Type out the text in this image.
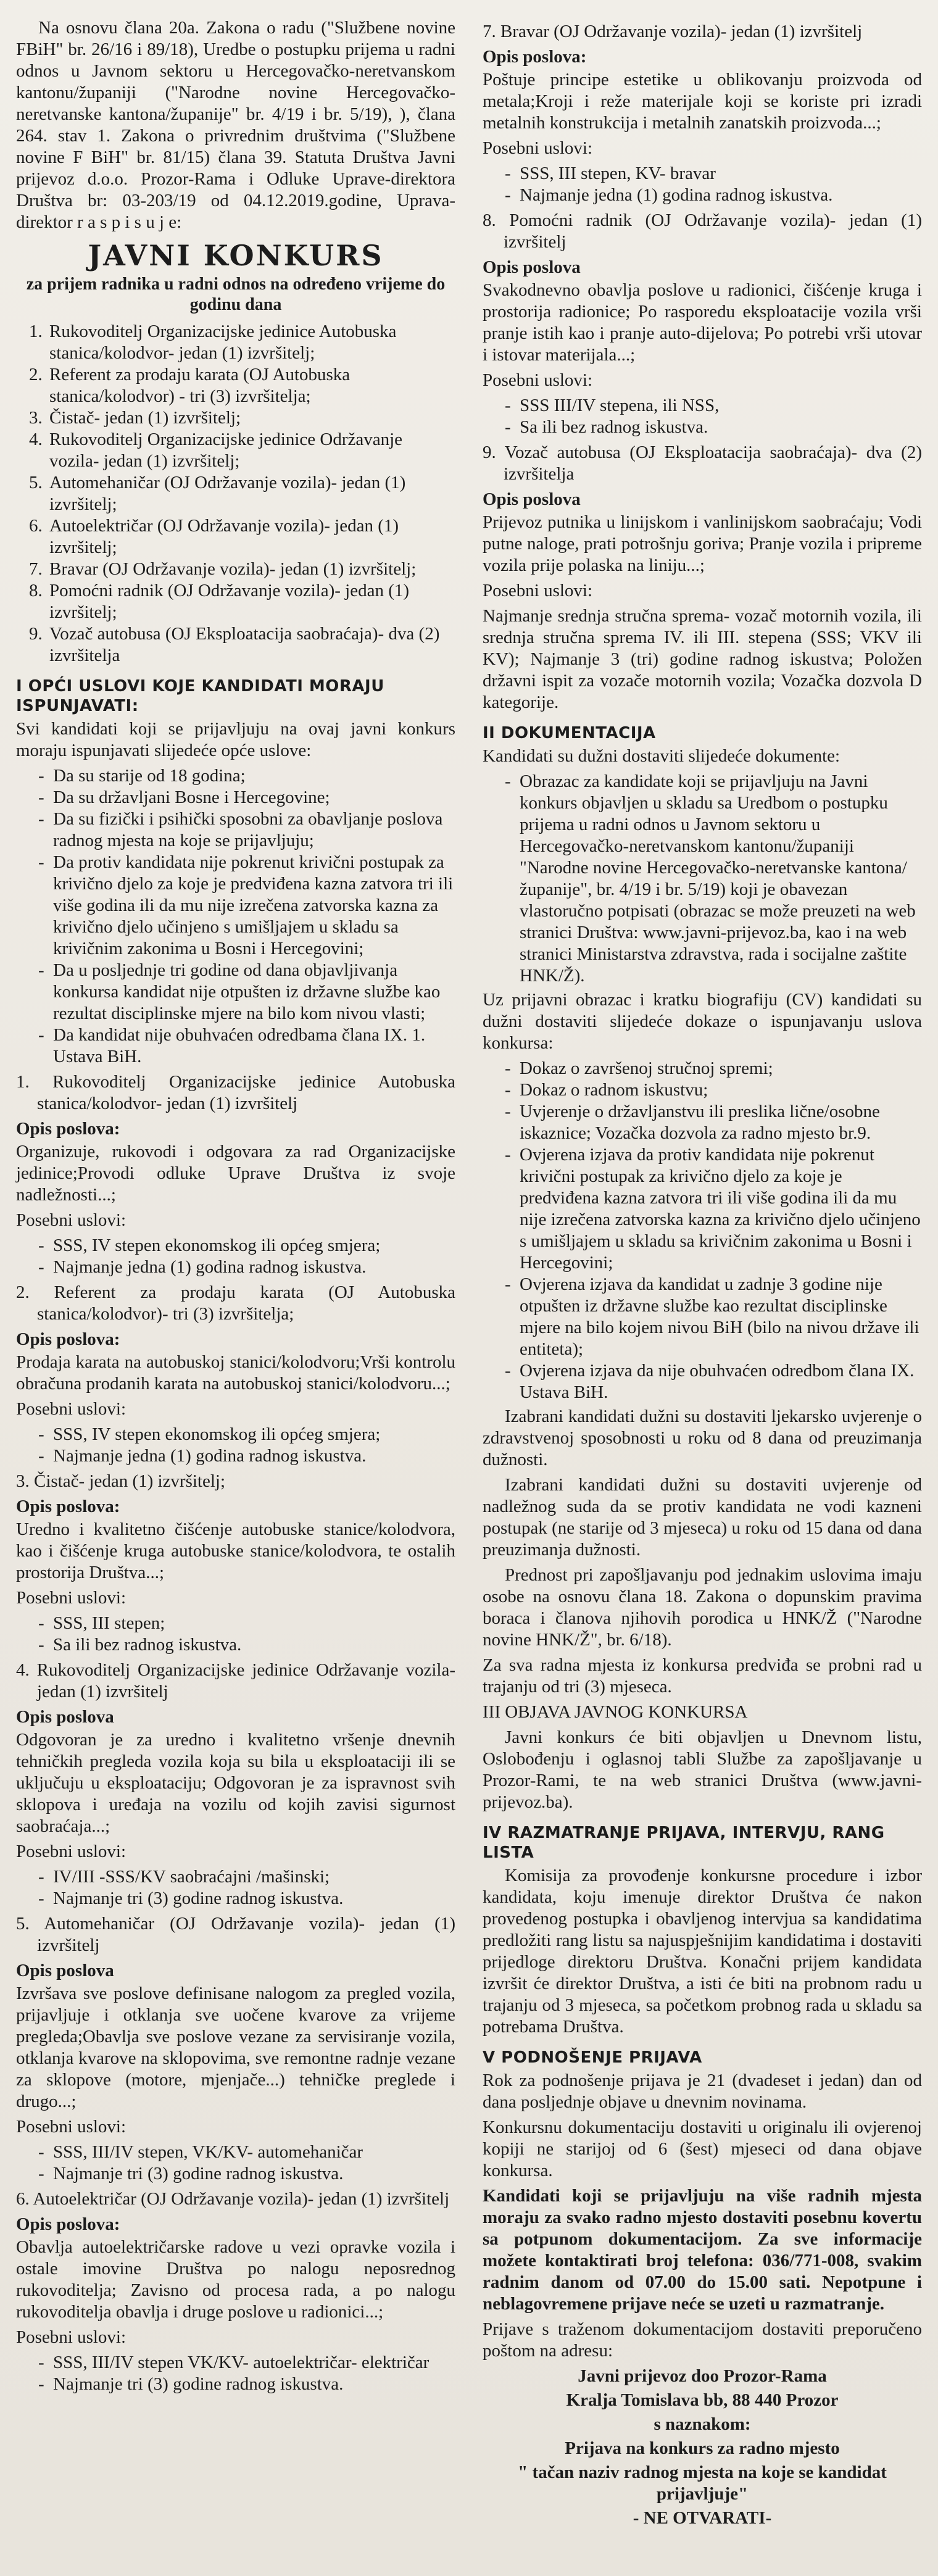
Na osnovu člana 20a. Zakona o radu ("Službene novine FBiH" br. 26/16 i 89/18), Uredbe o postupku prijema u radni odnos u Javnom sektoru u Hercegovačko-neretvanskom kantonu/županiji ("Narodne novine Hercegovačko-neretvanske kantona/županije" br. 4/19 i br. 5/19), ), člana 264. stav 1. Zakona o privrednim društvima ("Službene novine F BiH" br. 81/15) člana 39. Statuta Društva Javni prijevoz d.o.o. Prozor-Rama i Odluke Uprave-direktora Društva br: 03-203/19 od 04.12.2019.godine, Uprava-direktor r a s p i s u j e:

JAVNI KONKURS
za prijem radnika u radni odnos na određeno vrijeme do godinu dana
1. Rukovoditelj Organizacijske jedinice Autobuska stanica/kolodvor- jedan (1) izvršitelj;
2. Referent za prodaju karata (OJ Autobuska stanica/kolodvor) - tri (3) izvršitelja;
3. Čistač- jedan (1) izvršitelj;
4. Rukovoditelj Organizacijske jedinice Održavanje vozila- jedan (1) izvršitelj;
5. Automehaničar (OJ Održavanje vozila)- jedan (1) izvršitelj;
6. Autoelektričar (OJ Održavanje vozila)- jedan (1) izvršitelj;
7. Bravar (OJ Održavanje vozila)- jedan (1) izvršitelj;
8. Pomoćni radnik (OJ Održavanje vozila)- jedan (1) izvršitelj;
9. Vozač autobusa (OJ Eksploatacija saobraćaja)- dva (2) izvršitelja
I OPĆI USLOVI KOJE KANDIDATI MORAJU ISPUNJAVATI:

Svi kandidati koji se prijavljuju na ovaj javni konkurs moraju ispunjavati slijedeće opće uslove:

- Da su starije od 18 godina;
- Da su državljani Bosne i Hercegovine;
- Da su fizički i psihički sposobni za obavljanje poslova radnog mjesta na koje se prijavljuju;
- Da protiv kandidata nije pokrenut krivični postupak za krivično djelo za koje je predviđena kazna zatvora tri ili više godina ili da mu nije izrečena zatvorska kazna za krivično djelo učinjeno s umišljajem u skladu sa krivičnim zakonima u Bosni i Hercegovini;
- Da u posljednje tri godine od dana objavljivanja konkursa kandidat nije otpušten iz državne službe kao rezultat disciplinske mjere na bilo kom nivou vlasti;
- Da kandidat nije obuhvaćen odredbama člana IX. 1. Ustava BiH.

1. Rukovoditelj Organizacijske jedinice Autobuska stanica/kolodvor- jedan (1) izvršitelj

Opis poslova:

Organizuje, rukovodi i odgovara za rad Organizacijske jedinice;Provodi odluke Uprave Društva iz svoje nadležnosti...;

Posebni uslovi:

- SSS, IV stepen ekonomskog ili općeg smjera;
- Najmanje jedna (1) godina radnog iskustva.

2. Referent za prodaju karata (OJ Autobuska stanica/kolodvor)- tri (3) izvršitelja;

Opis poslova:

Prodaja karata na autobuskoj stanici/kolodvoru;Vrši kontrolu obračuna prodanih karata na autobuskoj stanici/kolodvoru...;

Posebni uslovi:

- SSS, IV stepen ekonomskog ili općeg smjera;
- Najmanje jedna (1) godina radnog iskustva.

3. Čistač- jedan (1) izvršitelj;

Opis poslova:

Uredno i kvalitetno čišćenje autobuske stanice/kolodvora, kao i čišćenje kruga autobuske stanice/kolodvora, te ostalih prostorija Društva...;

Posebni uslovi:

- SSS, III stepen;
- Sa ili bez radnog iskustva.

4. Rukovoditelj Organizacijske jedinice Održavanje vozila- jedan (1) izvršitelj

Opis poslova

Odgovoran je za uredno i kvalitetno vršenje dnevnih tehničkih pregleda vozila koja su bila u eksploataciji ili se uključuju u eksploataciju; Odgovoran je za ispravnost svih sklopova i uređaja na vozilu od kojih zavisi sigurnost saobraćaja...;

Posebni uslovi:

- IV/III -SSS/KV saobraćajni /mašinski;
- Najmanje tri (3) godine radnog iskustva.

5. Automehaničar (OJ Održavanje vozila)- jedan (1) izvršitelj

Opis poslova

Izvršava sve poslove definisane nalogom za pregled vozila, prijavljuje i otklanja sve uočene kvarove za vrijeme pregleda;Obavlja sve poslove vezane za servisiranje vozila, otklanja kvarove na sklopovima, sve remontne radnje vezane za sklopove (motore, mjenjače...) tehničke preglede i drugo...;

Posebni uslovi:

- SSS, III/IV stepen, VK/KV- automehaničar
- Najmanje tri (3) godine radnog iskustva.

6. Autoelektričar (OJ Održavanje vozila)- jedan (1) izvršitelj

Opis poslova:

Obavlja autoelektričarske radove u vezi opravke vozila i ostale imovine Društva po nalogu neposrednog rukovoditelja; Zavisno od procesa rada, a po nalogu rukovoditelja obavlja i druge poslove u radionici...;

Posebni uslovi:

- SSS, III/IV stepen VK/KV- autoelektričar- električar
- Najmanje tri (3) godine radnog iskustva.

7. Bravar (OJ Održavanje vozila)- jedan (1) izvršitelj

Opis poslova:

Poštuje principe estetike u oblikovanju proizvoda od metala;Kroji i reže materijale koji se koriste pri izradi metalnih konstrukcija i metalnih zanatskih proizvoda...;

Posebni uslovi:

- SSS, III stepen, KV- bravar
- Najmanje jedna (1) godina radnog iskustva.

8. Pomoćni radnik (OJ Održavanje vozila)- jedan (1) izvršitelj

Opis poslova

Svakodnevno obavlja poslove u radionici, čišćenje kruga i prostorija radionice; Po rasporedu eksploatacije vozila vrši pranje istih kao i pranje auto-dijelova; Po potrebi vrši utovar i istovar materijala...;

Posebni uslovi:

- SSS III/IV stepena, ili NSS,
- Sa ili bez radnog iskustva.

9. Vozač autobusa (OJ Eksploatacija saobraćaja)- dva (2) izvršitelja

Opis poslova

Prijevoz putnika u linijskom i vanlinijskom saobraćaju; Vodi putne naloge, prati potrošnju goriva; Pranje vozila i pripreme vozila prije polaska na liniju...;

Posebni uslovi:

Najmanje srednja stručna sprema- vozač motornih vozila, ili srednja stručna sprema IV. ili III. stepena (SSS; VKV ili KV); Najmanje 3 (tri) godine radnog iskustva; Položen državni ispit za vozače motornih vozila; Vozačka dozvola D kategorije.

II DOKUMENTACIJA

Kandidati su dužni dostaviti slijedeće dokumente:

- Obrazac za kandidate koji se prijavljuju na Javni konkurs objavljen u skladu sa Uredbom o postupku prijema u radni odnos u Javnom sektoru u Hercegovačko-neretvanskom kantonu/županiji "Narodne novine Hercegovačko-neretvanske kantona/županije", br. 4/19 i br. 5/19) koji je obavezan vlastoručno potpisati (obrazac se može preuzeti na web stranici Društva: www.javni-prijevoz.ba, kao i na web stranici Ministarstva zdravstva, rada i socijalne zaštite HNK/Ž).

Uz prijavni obrazac i kratku biografiju (CV) kandidati su dužni dostaviti slijedeće dokaze o ispunjavanju uslova konkursa:

- Dokaz o završenoj stručnoj spremi;
- Dokaz o radnom iskustvu;
- Uvjerenje o državljanstvu ili preslika lične/osobne iskaznice; Vozačka dozvola za radno mjesto br.9.
- Ovjerena izjava da protiv kandidata nije pokrenut krivični postupak za krivično djelo za koje je predviđena kazna zatvora tri ili više godina ili da mu nije izrečena zatvorska kazna za krivično djelo učinjeno s umišljajem u skladu sa krivičnim zakonima u Bosni i Hercegovini;
- Ovjerena izjava da kandidat u zadnje 3 godine nije otpušten iz državne službe kao rezultat disciplinske mjere na bilo kojem nivou BiH (bilo na nivou države ili entiteta);
- Ovjerena izjava da nije obuhvaćen odredbom člana IX. Ustava BiH.

Izabrani kandidati dužni su dostaviti ljekarsko uvjerenje o zdravstvenoj sposobnosti u roku od 8 dana od preuzimanja dužnosti.

Izabrani kandidati dužni su dostaviti uvjerenje od nadležnog suda da se protiv kandidata ne vodi kazneni postupak (ne starije od 3 mjeseca) u roku od 15 dana od dana preuzimanja dužnosti.

Prednost pri zapošljavanju pod jednakim uslovima imaju osobe na osnovu člana 18. Zakona o dopunskim pravima boraca i članova njihovih porodica u HNK/Ž ("Narodne novine HNK/Ž", br. 6/18).

Za sva radna mjesta iz konkursa predviđa se probni rad u trajanju od tri (3) mjeseca.

III OBJAVA JAVNOG KONKURSA

Javni konkurs će biti objavljen u Dnevnom listu, Oslobođenju i oglasnoj tabli Službe za zapošljavanje u Prozor-Rami, te na web stranici Društva (www.javni-prijevoz.ba).

IV RAZMATRANJE PRIJAVA, INTERVJU, RANG LISTA

Komisija za provođenje konkursne procedure i izbor kandidata, koju imenuje direktor Društva će nakon provedenog postupka i obavljenog intervjua sa kandidatima predložiti rang listu sa najuspješnijim kandidatima i dostaviti prijedloge direktoru Društva. Konačni prijem kandidata izvršit će direktor Društva, a isti će biti na probnom radu u trajanju od 3 mjeseca, sa početkom probnog rada u skladu sa potrebama Društva.

V PODNOŠENJE PRIJAVA

Rok za podnošenje prijava je 21 (dvadeset i jedan) dan od dana posljednje objave u dnevnim novinama.

Konkursnu dokumentaciju dostaviti u originalu ili ovjerenoj kopiji ne starijoj od 6 (šest) mjeseci od dana objave konkursa.

Kandidati koji se prijavljuju na više radnih mjesta moraju za svako radno mjesto dostaviti posebnu kovertu sa potpunom dokumentacijom. Za sve informacije možete kontaktirati broj telefona: 036/771-008, svakim radnim danom od 07.00 do 15.00 sati. Nepotpune i neblagovremene prijave neće se uzeti u razmatranje.

Prijave s traženom dokumentacijom dostaviti preporučeno poštom na adresu:

Javni prijevoz doo Prozor-Rama
Kralja Tomislava bb, 88 440 Prozor
s naznakom:
Prijava na konkurs za radno mjesto
" tačan naziv radnog mjesta na koje se kandidat prijavljuje"
- NE OTVARATI-
